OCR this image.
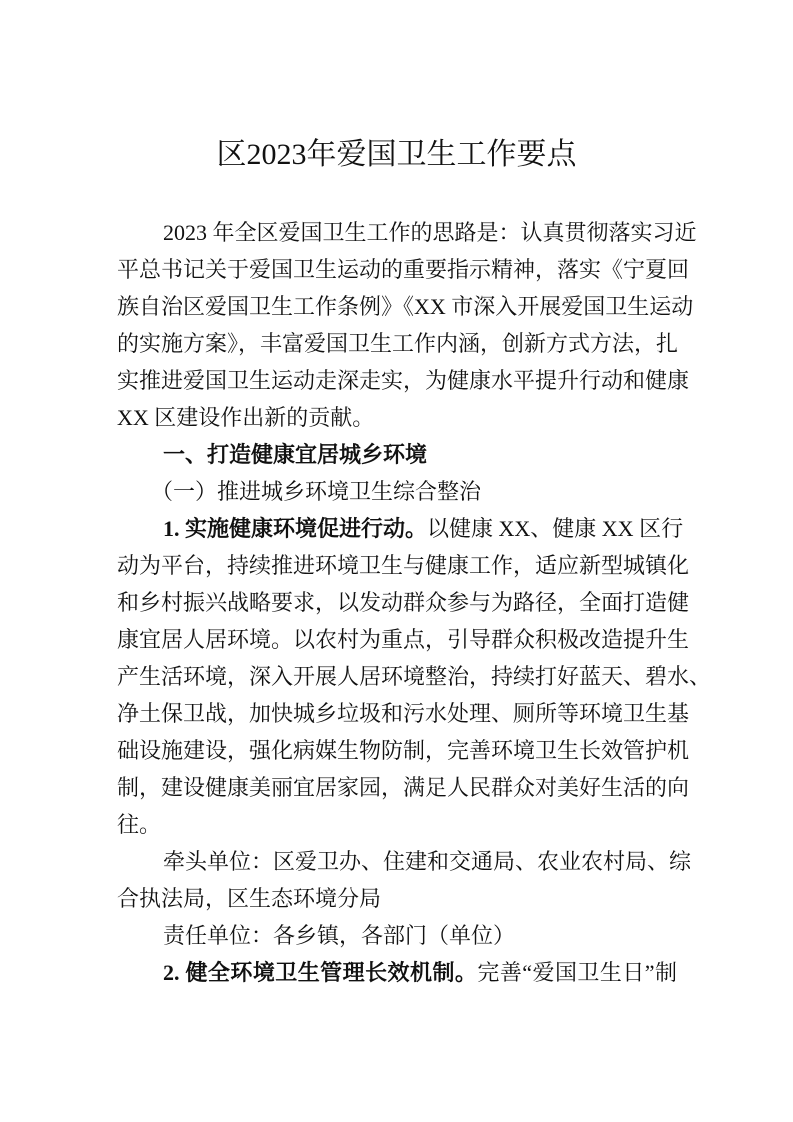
区2023年爱国卫生工作要点
2023 年全区爱国卫生工作的思路是：认真贯彻落实习近
平总书记关于爱国卫生运动的重要指示精神，落实《宁夏回
族自治区爱国卫生工作条例》《XX 市深入开展爱国卫生运动
的实施方案》，丰富爱国卫生工作内涵，创新方式方法，扎
实推进爱国卫生运动走深走实，为健康水平提升行动和健康
XX 区建设作出新的贡献。
一、打造健康宜居城乡环境
（一）推进城乡环境卫生综合整治
1. 实施健康环境促进行动。以健康 XX、健康 XX 区行
动为平台，持续推进环境卫生与健康工作，适应新型城镇化
和乡村振兴战略要求，以发动群众参与为路径，全面打造健
康宜居人居环境。以农村为重点，引导群众积极改造提升生
产生活环境，深入开展人居环境整治，持续打好蓝天、碧水、
净土保卫战，加快城乡垃圾和污水处理、厕所等环境卫生基
础设施建设，强化病媒生物防制，完善环境卫生长效管护机
制，建设健康美丽宜居家园，满足人民群众对美好生活的向
往。
牵头单位：区爱卫办、住建和交通局、农业农村局、综
合执法局，区生态环境分局
责任单位：各乡镇，各部门（单位）
2. 健全环境卫生管理长效机制。完善“爱国卫生日”制
